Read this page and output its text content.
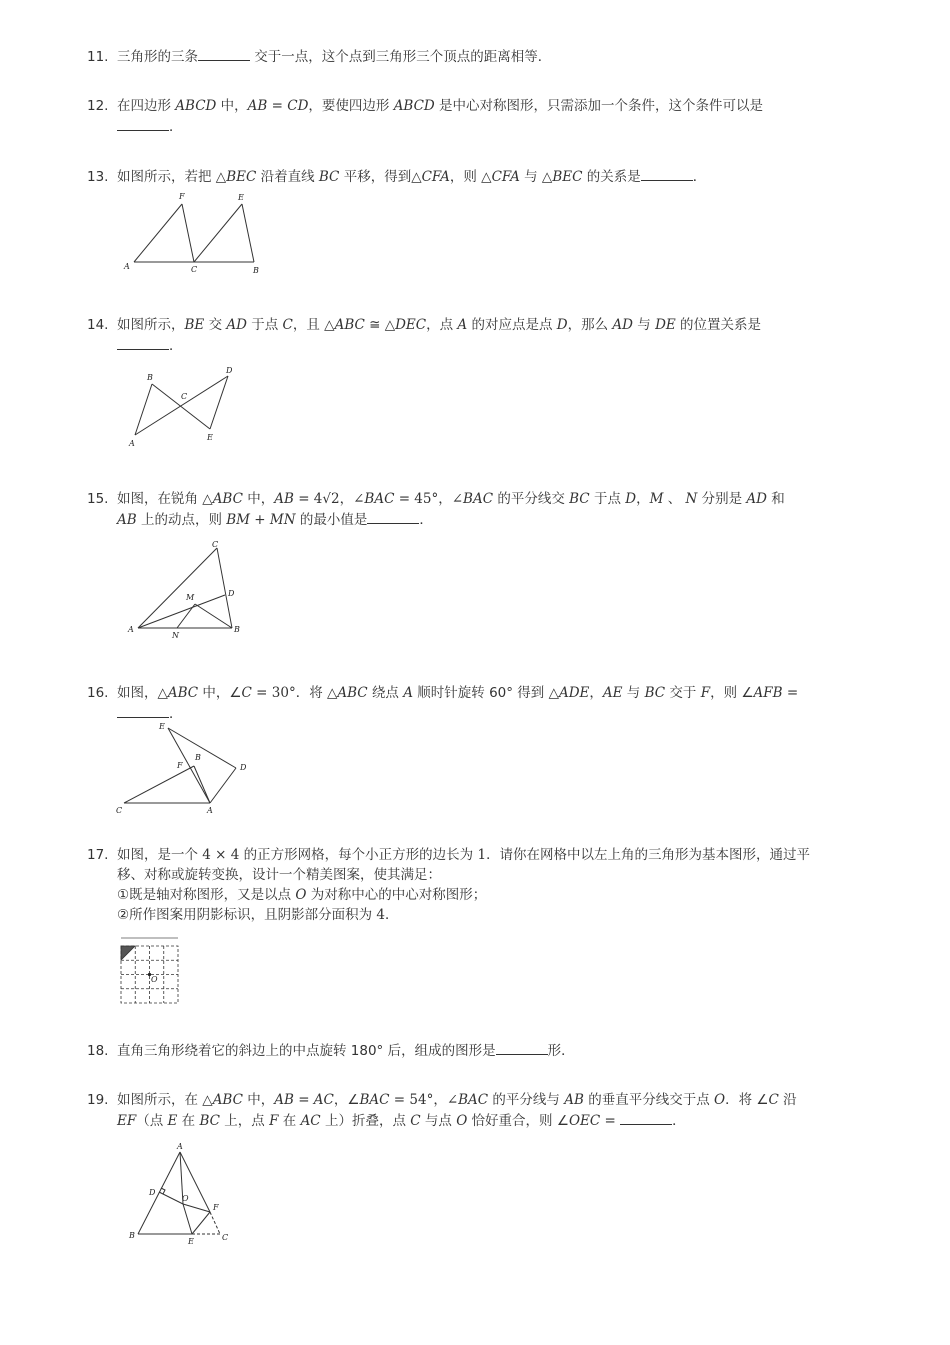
11. 三角形的三条	交于一点，这个点到三角形三个顶点的距离相等．
12. 在四边形 ABCD 中，AB = CD，要使四边形 ABCD 是中心对称图形，只需添加一个条件，这个条件可以是
．
13. 如图所示，若把 △BEC 沿着直线 BC 平移，得到△CFA，则 △CFA 与 △BEC 的关系是	．
A
F
C
E
B
14. 如图所示，BE 交 AD 于点 C，且 △ABC ≅ △DEC，点 A 的对应点是点 D，那么 AD 与 DE 的位置关系是
．
B
D
C
A
E
15. 如图，在锐角 △ABC 中，AB = 4√2，∠BAC = 45°，∠BAC 的平分线交 BC 于点 D，M 、 N 分别是 AD 和
AB 上的动点，则 BM + MN 的最小值是	．
C
D
M
A
N
B
16. 如图，△ABC 中，∠C = 30°．将 △ABC 绕点 A 顺时针旋转 60° 得到 △ADE，AE 与 BC 交于 F，则 ∠AFB =
．
E
B
F	D
C	A
17. 如图，是一个 4 × 4 的正方形网格，每个小正方形的边长为 1．请你在网格中以左上角的三角形为基本图形，通过平
移、对称或旋转变换，设计一个精美图案，使其满足：
①既是轴对称图形，又是以点 O 为对称中心的中心对称图形；
②所作图案用阴影标识，且阴影部分面积为 4．
O
18. 直角三角形绕着它的斜边上的中点旋转 180° 后，组成的图形是	形．
19. 如图所示，在 △ABC 中，AB = AC，∠BAC = 54°，∠BAC 的平分线与 AB 的垂直平分线交于点 O．将 ∠C 沿
EF（点 E 在 BC 上，点 F 在 AC 上）折叠，点 C 与点 O 恰好重合，则 ∠OEC =	．
A
D
O
F
B
E	C
